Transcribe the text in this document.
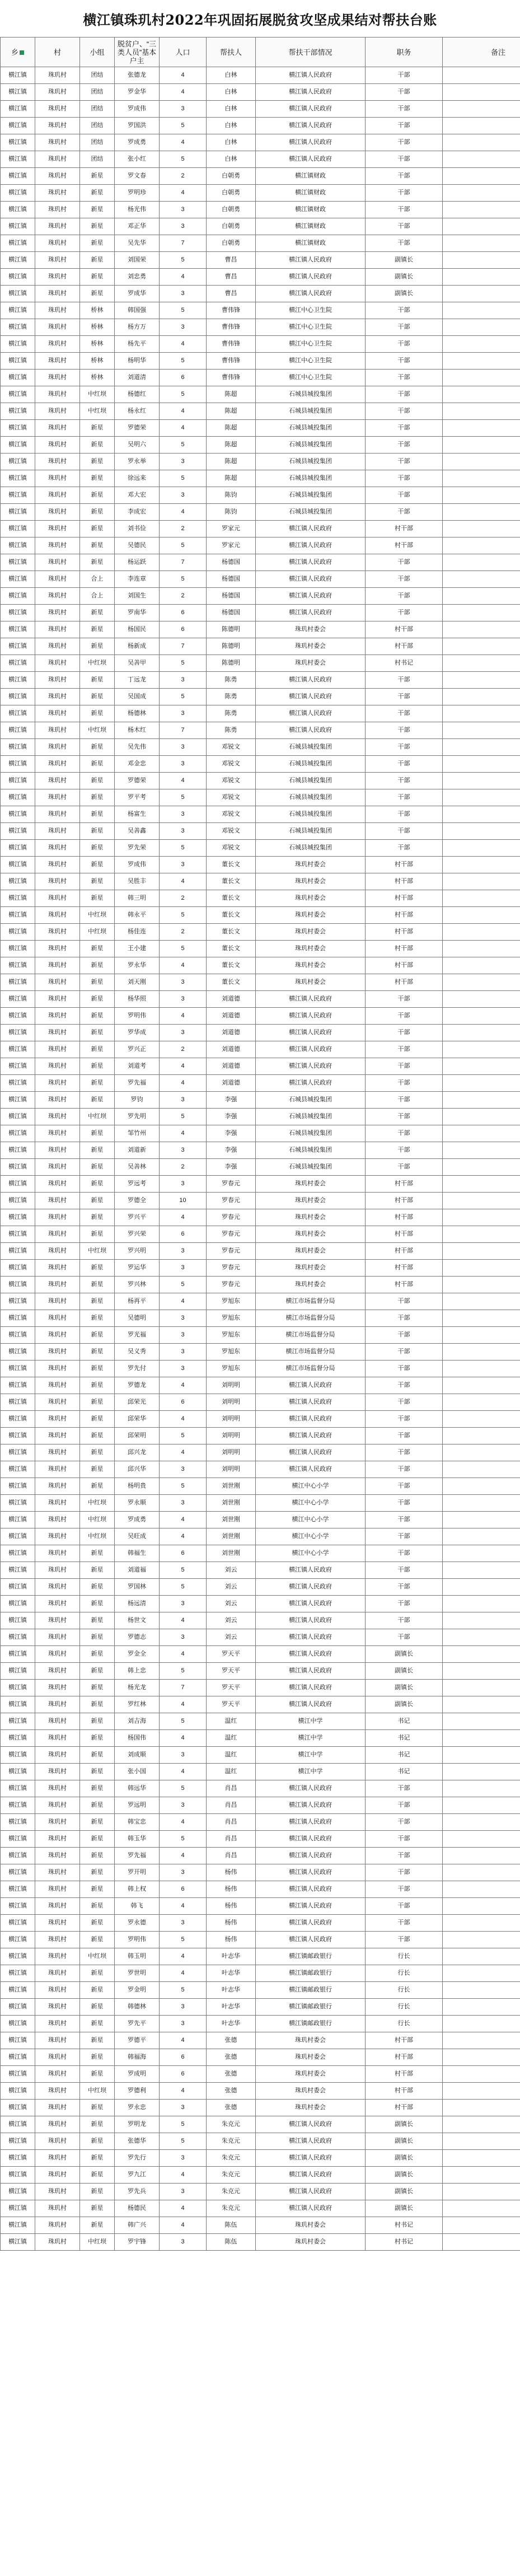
横江镇珠玑村2022年巩固拓展脱贫攻坚成果结对帮扶台账
乡	村	小组	脱贫户、“三类人员”基本户主	人口	帮扶人	帮扶干部情况	职务	备注
横江镇	珠玑村	团结	张德龙	4	白林	横江镇人民政府	干部	
横江镇	珠玑村	团结	罗金华	4	白林	横江镇人民政府	干部	
横江镇	珠玑村	团结	罗成伟	3	白林	横江镇人民政府	干部	
横江镇	珠玑村	团结	罗国洪	5	白林	横江镇人民政府	干部	
横江镇	珠玑村	团结	罗成勇	4	白林	横江镇人民政府	干部	
横江镇	珠玑村	团结	张小红	5	白林	横江镇人民政府	干部	
横江镇	珠玑村	新星	罗文春	2	白朝勇	横江镇财政	干部	
横江镇	珠玑村	新星	罗明珍	4	白朝勇	横江镇财政	干部	
横江镇	珠玑村	新星	杨光伟	3	白朝勇	横江镇财政	干部	
横江镇	珠玑村	新星	邓正华	3	白朝勇	横江镇财政	干部	
横江镇	珠玑村	新星	吴先华	7	白朝勇	横江镇财政	干部	
横江镇	珠玑村	新星	刘国荣	5	曹昌	横江镇人民政府	副镇长	
横江镇	珠玑村	新星	刘忠勇	4	曹昌	横江镇人民政府	副镇长	
横江镇	珠玑村	新星	罗成华	3	曹昌	横江镇人民政府	副镇长	
横江镇	珠玑村	桥林	韩国强	5	曹伟锋	横江中心卫生院	干部	
横江镇	珠玑村	桥林	杨方万	3	曹伟锋	横江中心卫生院	干部	
横江镇	珠玑村	桥林	杨先平	4	曹伟锋	横江中心卫生院	干部	
横江镇	珠玑村	桥林	杨明华	5	曹伟锋	横江中心卫生院	干部	
横江镇	珠玑村	桥林	刘道清	6	曹伟锋	横江中心卫生院	干部	
横江镇	珠玑村	中红坝	杨德红	5	陈超	石城县城投集团	干部	
横江镇	珠玑村	中红坝	杨永红	4	陈超	石城县城投集团	干部	
横江镇	珠玑村	新星	罗德荣	4	陈超	石城县城投集团	干部	
横江镇	珠玑村	新星	吴明六	5	陈超	石城县城投集团	干部	
横江镇	珠玑村	新星	罗永举	3	陈超	石城县城投集团	干部	
横江镇	珠玑村	新星	徐远来	5	陈超	石城县城投集团	干部	
横江镇	珠玑村	新星	邓大宏	3	陈钧	石城县城投集团	干部	
横江镇	珠玑村	新星	李成宏	4	陈钧	石城县城投集团	干部	
横江镇	珠玑村	新星	刘书俭	2	罗家元	横江镇人民政府	村干部	
横江镇	珠玑村	新星	吴德民	5	罗家元	横江镇人民政府	村干部	
横江镇	珠玑村	新星	杨运跃	7	杨德国	横江镇人民政府	干部	
横江镇	珠玑村	合上	李连章	5	杨德国	横江镇人民政府	干部	
横江镇	珠玑村	合上	刘国生	2	杨德国	横江镇人民政府	干部	
横江镇	珠玑村	新星	罗南华	6	杨德国	横江镇人民政府	干部	
横江镇	珠玑村	新星	杨国民	6	陈德明	珠玑村委会	村干部	
横江镇	珠玑村	新星	杨新成	7	陈德明	珠玑村委会	村干部	
横江镇	珠玑村	中红坝	吴善甲	5	陈德明	珠玑村委会	村书记	
横江镇	珠玑村	新星	丁远龙	3	陈勇	横江镇人民政府	干部	
横江镇	珠玑村	新星	吴国成	5	陈勇	横江镇人民政府	干部	
横江镇	珠玑村	新星	杨德林	3	陈勇	横江镇人民政府	干部	
横江镇	珠玑村	中红坝	杨木红	7	陈勇	横江镇人民政府	干部	
横江镇	珠玑村	新星	吴先伟	3	邓锐文	石城县城投集团	干部	
横江镇	珠玑村	新星	邓金忠	3	邓锐文	石城县城投集团	干部	
横江镇	珠玑村	新星	罗德荣	4	邓锐文	石城县城投集团	干部	
横江镇	珠玑村	新星	罗平考	5	邓锐文	石城县城投集团	干部	
横江镇	珠玑村	新星	杨富生	3	邓锐文	石城县城投集团	干部	
横江镇	珠玑村	新星	吴善鑫	3	邓锐文	石城县城投集团	干部	
横江镇	珠玑村	新星	罗先荣	5	邓锐文	石城县城投集团	干部	
横江镇	珠玑村	新星	罗成伟	3	董长文	珠玑村委会	村干部	
横江镇	珠玑村	新星	吴胜丰	4	董长文	珠玑村委会	村干部	
横江镇	珠玑村	新星	韩三明	2	董长文	珠玑村委会	村干部	
横江镇	珠玑村	中红坝	韩永平	5	董长文	珠玑村委会	村干部	
横江镇	珠玑村	中红坝	杨佳连	2	董长文	珠玑村委会	村干部	
横江镇	珠玑村	新星	王小建	5	董长文	珠玑村委会	村干部	
横江镇	珠玑村	新星	罗永华	4	董长文	珠玑村委会	村干部	
横江镇	珠玑村	新星	刘天刚	3	董长文	珠玑村委会	村干部	
横江镇	珠玑村	新星	杨华照	3	刘道德	横江镇人民政府	干部	
横江镇	珠玑村	新星	罗明伟	4	刘道德	横江镇人民政府	干部	
横江镇	珠玑村	新星	罗华成	3	刘道德	横江镇人民政府	干部	
横江镇	珠玑村	新星	罗兴正	2	刘道德	横江镇人民政府	干部	
横江镇	珠玑村	新星	刘道考	4	刘道德	横江镇人民政府	干部	
横江镇	珠玑村	新星	罗先福	4	刘道德	横江镇人民政府	干部	
横江镇	珠玑村	新星	罗钧	3	李强	石城县城投集团	干部	
横江镇	珠玑村	中红坝	罗先明	5	李强	石城县城投集团	干部	
横江镇	珠玑村	新星	邹竹州	4	李强	石城县城投集团	干部	
横江镇	珠玑村	新星	刘道新	3	李强	石城县城投集团	干部	
横江镇	珠玑村	新星	吴善林	2	李强	石城县城投集团	干部	
横江镇	珠玑村	新星	罗远考	3	罗春元	珠玑村委会	村干部	
横江镇	珠玑村	新星	罗德全	10	罗春元	珠玑村委会	村干部	
横江镇	珠玑村	新星	罗兴平	4	罗春元	珠玑村委会	村干部	
横江镇	珠玑村	新星	罗兴荣	6	罗春元	珠玑村委会	村干部	
横江镇	珠玑村	中红坝	罗兴明	3	罗春元	珠玑村委会	村干部	
横江镇	珠玑村	新星	罗运华	3	罗春元	珠玑村委会	村干部	
横江镇	珠玑村	新星	罗兴林	5	罗春元	珠玑村委会	村干部	
横江镇	珠玑村	新星	杨再平	4	罗旭东	横江市场监督分局	干部	
横江镇	珠玑村	新星	吴德明	3	罗旭东	横江市场监督分局	干部	
横江镇	珠玑村	新星	罗光福	3	罗旭东	横江市场监督分局	干部	
横江镇	珠玑村	新星	吴义秀	3	罗旭东	横江市场监督分局	干部	
横江镇	珠玑村	新星	罗先付	3	罗旭东	横江市场监督分局	干部	
横江镇	珠玑村	新星	罗德龙	4	刘明明	横江镇人民政府	干部	
横江镇	珠玑村	新星	邱荣光	6	刘明明	横江镇人民政府	干部	
横江镇	珠玑村	新星	邱荣华	4	刘明明	横江镇人民政府	干部	
横江镇	珠玑村	新星	邱荣明	5	刘明明	横江镇人民政府	干部	
横江镇	珠玑村	新星	邱兴龙	4	刘明明	横江镇人民政府	干部	
横江镇	珠玑村	新星	邱兴华	3	刘明明	横江镇人民政府	干部	
横江镇	珠玑村	新星	杨明贵	5	刘世刚	横江中心小学	干部	
横江镇	珠玑村	中红坝	罗永顺	3	刘世刚	横江中心小学	干部	
横江镇	珠玑村	中红坝	罗成勇	4	刘世刚	横江中心小学	干部	
横江镇	珠玑村	中红坝	吴旺成	4	刘世刚	横江中心小学	干部	
横江镇	珠玑村	新星	韩福生	6	刘世刚	横江中心小学	干部	
横江镇	珠玑村	新星	刘道福	5	刘云	横江镇人民政府	干部	
横江镇	珠玑村	新星	罗国林	5	刘云	横江镇人民政府	干部	
横江镇	珠玑村	新星	杨远清	3	刘云	横江镇人民政府	干部	
横江镇	珠玑村	新星	杨世文	4	刘云	横江镇人民政府	干部	
横江镇	珠玑村	新星	罗德志	3	刘云	横江镇人民政府	干部	
横江镇	珠玑村	新星	罗金全	4	罗天平	横江镇人民政府	副镇长	
横江镇	珠玑村	新星	韩上忠	5	罗天平	横江镇人民政府	副镇长	
横江镇	珠玑村	新星	杨光龙	7	罗天平	横江镇人民政府	副镇长	
横江镇	珠玑村	新星	罗红林	4	罗天平	横江镇人民政府	副镇长	
横江镇	珠玑村	新星	刘吉海	5	温红	横江中学	书记	
横江镇	珠玑村	新星	杨国伟	4	温红	横江中学	书记	
横江镇	珠玑村	新星	刘成顺	3	温红	横江中学	书记	
横江镇	珠玑村	新星	张小国	4	温红	横江中学	书记	
横江镇	珠玑村	新星	韩远华	5	肖昌	横江镇人民政府	干部	
横江镇	珠玑村	新星	罗远明	3	肖昌	横江镇人民政府	干部	
横江镇	珠玑村	新星	韩宝忠	4	肖昌	横江镇人民政府	干部	
横江镇	珠玑村	新星	韩玉华	5	肖昌	横江镇人民政府	干部	
横江镇	珠玑村	新星	罗先福	4	肖昌	横江镇人民政府	干部	
横江镇	珠玑村	新星	罗开明	3	杨伟	横江镇人民政府	干部	
横江镇	珠玑村	新星	韩上权	6	杨伟	横江镇人民政府	干部	
横江镇	珠玑村	新星	韩飞	4	杨伟	横江镇人民政府	干部	
横江镇	珠玑村	新星	罗永德	3	杨伟	横江镇人民政府	干部	
横江镇	珠玑村	新星	罗明伟	5	杨伟	横江镇人民政府	干部	
横江镇	珠玑村	中红坝	韩玉明	4	叶志华	横江镇邮政银行	行长	
横江镇	珠玑村	新星	罗世明	4	叶志华	横江镇邮政银行	行长	
横江镇	珠玑村	新星	罗金明	5	叶志华	横江镇邮政银行	行长	
横江镇	珠玑村	新星	韩德林	3	叶志华	横江镇邮政银行	行长	
横江镇	珠玑村	新星	罗先平	3	叶志华	横江镇邮政银行	行长	
横江镇	珠玑村	新星	罗德平	4	张德	珠玑村委会	村干部	
横江镇	珠玑村	新星	韩福海	6	张德	珠玑村委会	村干部	
横江镇	珠玑村	新星	罗成明	6	张德	珠玑村委会	村干部	
横江镇	珠玑村	中红坝	罗德利	4	张德	珠玑村委会	村干部	
横江镇	珠玑村	新星	罗永忠	3	张德	珠玑村委会	村干部	
横江镇	珠玑村	新星	罗明龙	5	朱克元	横江镇人民政府	副镇长	
横江镇	珠玑村	新星	张德华	5	朱克元	横江镇人民政府	副镇长	
横江镇	珠玑村	新星	罗先行	3	朱克元	横江镇人民政府	副镇长	
横江镇	珠玑村	新星	罗九江	4	朱克元	横江镇人民政府	副镇长	
横江镇	珠玑村	新星	罗先兵	3	朱克元	横江镇人民政府	副镇长	
横江镇	珠玑村	新星	杨德民	4	朱克元	横江镇人民政府	副镇长	
横江镇	珠玑村	新星	韩广兴	4	陈伍	珠玑村委会	村书记	
横江镇	珠玑村	中红坝	罗宇锋	3	陈伍	珠玑村委会	村书记	
